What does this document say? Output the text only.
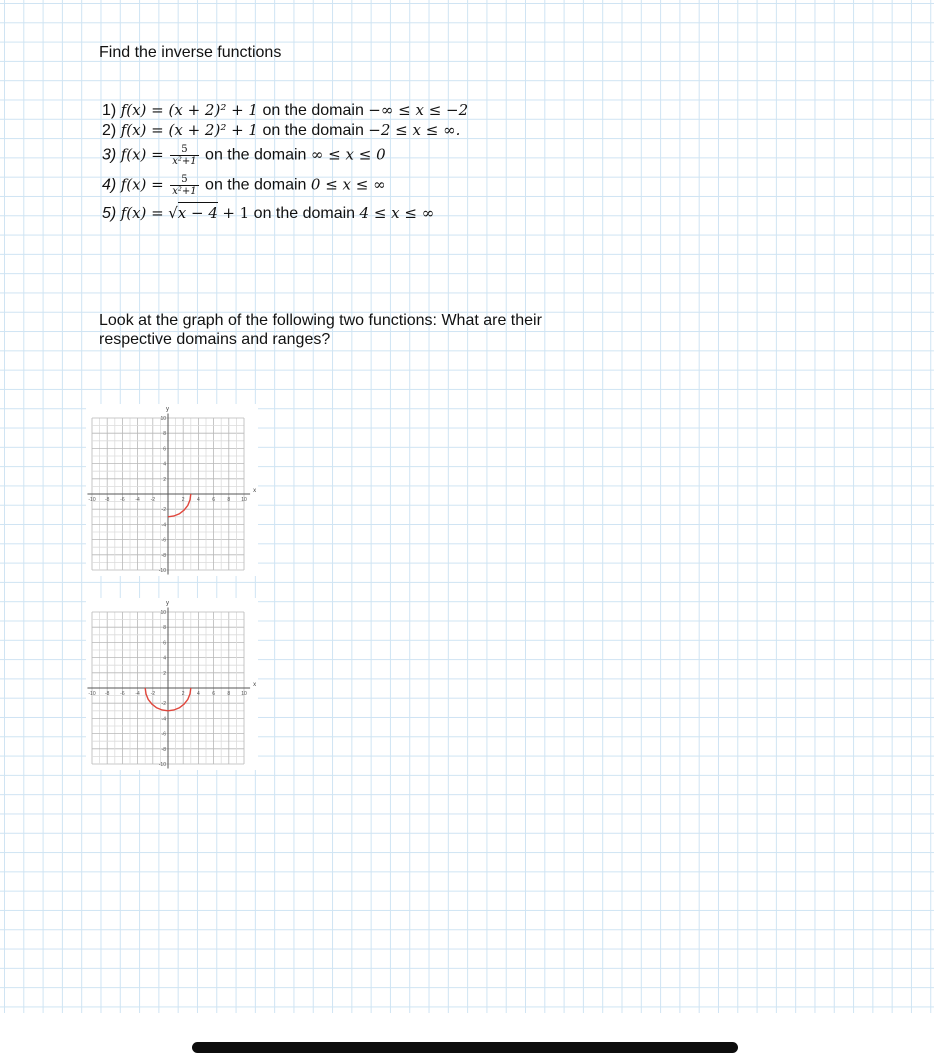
Find the inverse functions
1) f(x) = (x + 2)² + 1 on the domain −∞ ≤ x ≤ −2
2) f(x) = (x + 2)² + 1 on the domain −2 ≤ x ≤ ∞.
3) $f(x) = \frac{5}{\text{x²+1}}$ on the domain ∞ ≤ x ≤ 0
4) $f(x) = \frac{5}{\text{x²+1}}$ on the domain 0 ≤ x ≤ ∞
5) f(x) = √x − 4 + 1 on the domain 4 ≤ x ≤ ∞
Look at the graph of the following two functions: What are their respective domains and ranges?
x
y
-10 -8 -6 -4 -2	2 4 6 8 10
10
8
6
4
2
-2
-4
-6
-8
-10
x
y
-10 -8 -6 -4 -2	2 4 6 8 10
10
8
6
4
2
-2
-4
-6
-8
-10
